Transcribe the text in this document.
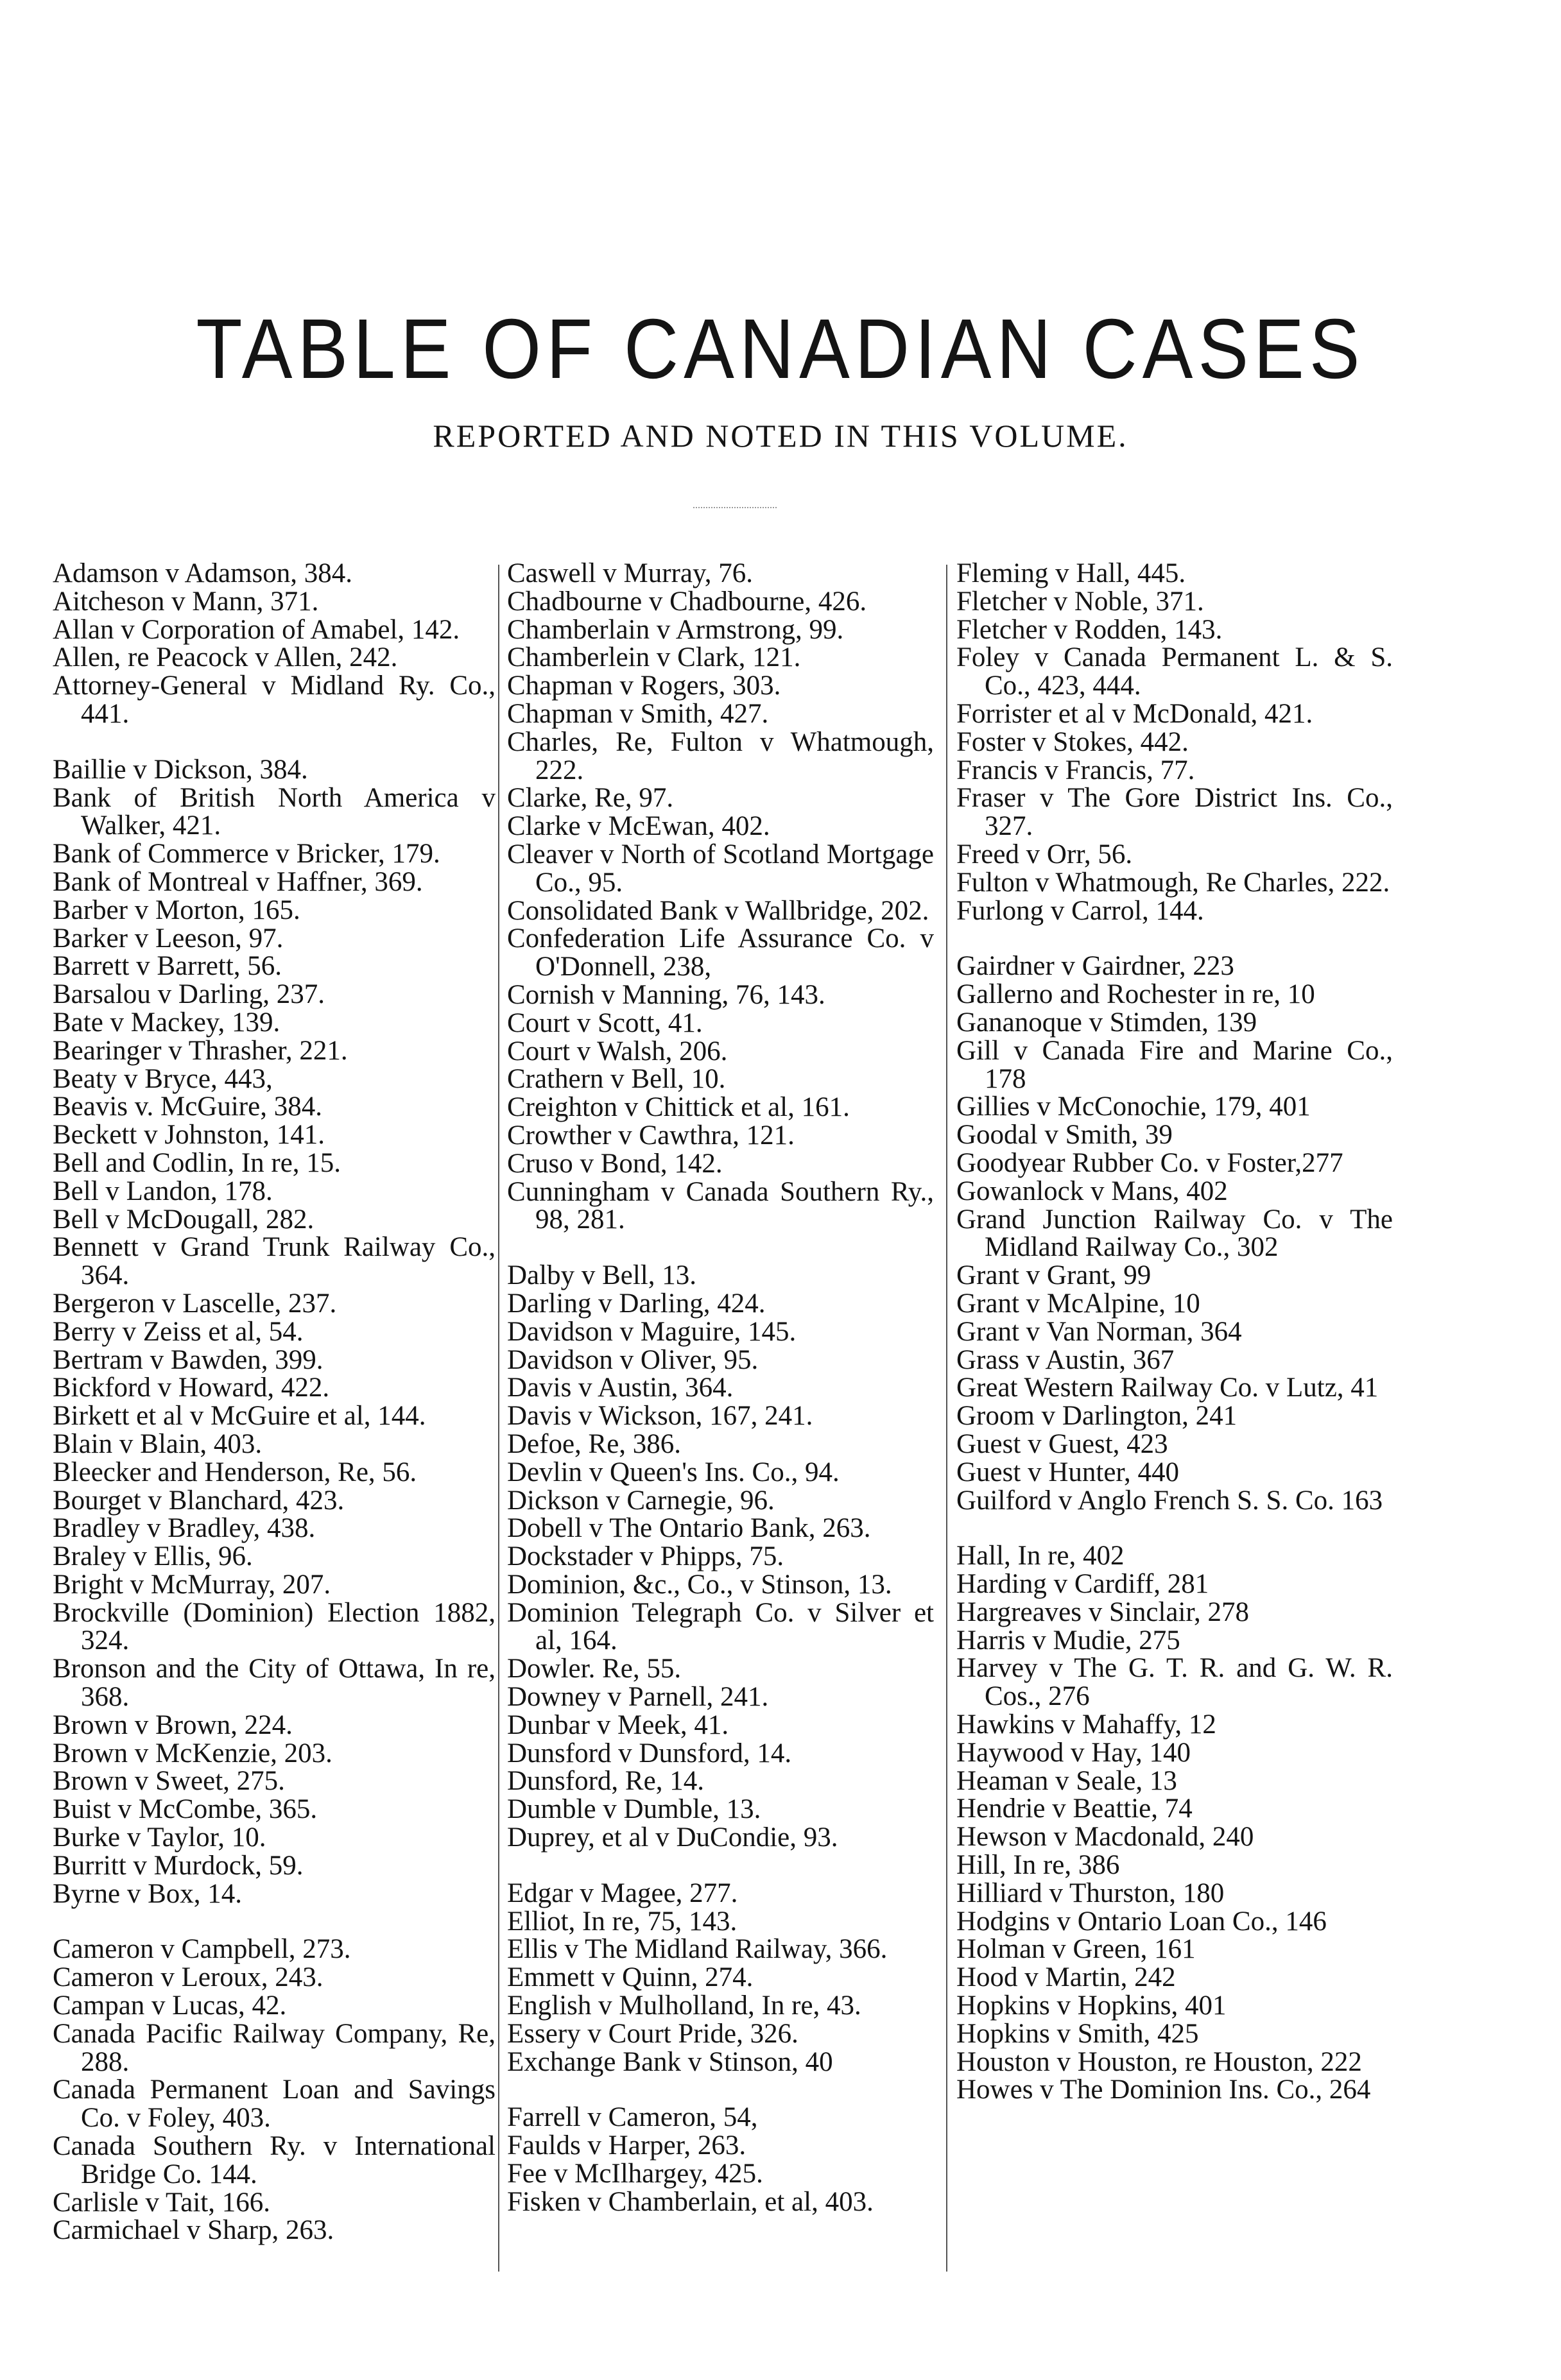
TABLE OF CANADIAN CASES
REPORTED AND NOTED IN THIS VOLUME.
Adamson v Adamson, 384.
Aitcheson v Mann, 371.
Allan v Corporation of Amabel, 142.
Allen, re Peacock v Allen, 242.
Attorney-General v Midland Ry. Co., 441.
Baillie v Dickson, 384.
Bank of British North America v Walker, 421.
Bank of Commerce v Bricker, 179.
Bank of Montreal v Haffner, 369.
Barber v Morton, 165.
Barker v Leeson, 97.
Barrett v Barrett, 56.
Barsalou v Darling, 237.
Bate v Mackey, 139.
Bearinger v Thrasher, 221.
Beaty v Bryce, 443,
Beavis v. McGuire, 384.
Beckett v Johnston, 141.
Bell and Codlin, In re, 15.
Bell v Landon, 178.
Bell v McDougall, 282.
Bennett v Grand Trunk Railway Co., 364.
Bergeron v Lascelle, 237.
Berry v Zeiss et al, 54.
Bertram v Bawden, 399.
Bickford v Howard, 422.
Birkett et al v McGuire et al, 144.
Blain v Blain, 403.
Bleecker and Henderson, Re, 56.
Bourget v Blanchard, 423.
Bradley v Bradley, 438.
Braley v Ellis, 96.
Bright v McMurray, 207.
Brockville (Dominion) Election 1882, 324.
Bronson and the City of Ottawa, In re, 368.
Brown v Brown, 224.
Brown v McKenzie, 203.
Brown v Sweet, 275.
Buist v McCombe, 365.
Burke v Taylor, 10.
Burritt v Murdock, 59.
Byrne v Box, 14.
Cameron v Campbell, 273.
Cameron v Leroux, 243.
Campan v Lucas, 42.
Canada Pacific Railway Company, Re, 288.
Canada Permanent Loan and Savings Co. v Foley, 403.
Canada Southern Ry. v International Bridge Co. 144.
Carlisle v Tait, 166.
Carmichael v Sharp, 263.
Caswell v Murray, 76.
Chadbourne v Chadbourne, 426.
Chamberlain v Armstrong, 99.
Chamberlein v Clark, 121.
Chapman v Rogers, 303.
Chapman v Smith, 427.
Charles, Re, Fulton v Whatmough, 222.
Clarke, Re, 97.
Clarke v McEwan, 402.
Cleaver v North of Scotland Mortgage Co., 95.
Consolidated Bank v Wallbridge, 202.
Confederation Life Assurance Co. v O'Donnell, 238,
Cornish v Manning, 76, 143.
Court v Scott, 41.
Court v Walsh, 206.
Crathern v Bell, 10.
Creighton v Chittick et al, 161.
Crowther v Cawthra, 121.
Cruso v Bond, 142.
Cunningham v Canada Southern Ry., 98, 281.
Dalby v Bell, 13.
Darling v Darling, 424.
Davidson v Maguire, 145.
Davidson v Oliver, 95.
Davis v Austin, 364.
Davis v Wickson, 167, 241.
Defoe, Re, 386.
Devlin v Queen's Ins. Co., 94.
Dickson v Carnegie, 96.
Dobell v The Ontario Bank, 263.
Dockstader v Phipps, 75.
Dominion, &c., Co., v Stinson, 13.
Dominion Telegraph Co. v Silver et al, 164.
Dowler. Re, 55.
Downey v Parnell, 241.
Dunbar v Meek, 41.
Dunsford v Dunsford, 14.
Dunsford, Re, 14.
Dumble v Dumble, 13.
Duprey, et al v DuCondie, 93.
Edgar v Magee, 277.
Elliot, In re, 75, 143.
Ellis v The Midland Railway, 366.
Emmett v Quinn, 274.
English v Mulholland, In re, 43.
Essery v Court Pride, 326.
Exchange Bank v Stinson, 40
Farrell v Cameron, 54,
Faulds v Harper, 263.
Fee v McIlhargey, 425.
Fisken v Chamberlain, et al, 403.
Fleming v Hall, 445.
Fletcher v Noble, 371.
Fletcher v Rodden, 143.
Foley v Canada Permanent L. & S. Co., 423, 444.
Forrister et al v McDonald, 421.
Foster v Stokes, 442.
Francis v Francis, 77.
Fraser v The Gore District Ins. Co., 327.
Freed v Orr, 56.
Fulton v Whatmough, Re Charles, 222.
Furlong v Carrol, 144.
Gairdner v Gairdner, 223
Gallerno and Rochester in re, 10
Gananoque v Stimden, 139
Gill v Canada Fire and Marine Co., 178
Gillies v McConochie, 179, 401
Goodal v Smith, 39
Goodyear Rubber Co. v Foster,277
Gowanlock v Mans, 402
Grand Junction Railway Co. v The Midland Railway Co., 302
Grant v Grant, 99
Grant v McAlpine, 10
Grant v Van Norman, 364
Grass v Austin, 367
Great Western Railway Co. v Lutz, 41
Groom v Darlington, 241
Guest v Guest, 423
Guest v Hunter, 440
Guilford v Anglo French S. S. Co. 163
Hall, In re, 402
Harding v Cardiff, 281
Hargreaves v Sinclair, 278
Harris v Mudie, 275
Harvey v The G. T. R. and G. W. R. Cos., 276
Hawkins v Mahaffy, 12
Haywood v Hay, 140
Heaman v Seale, 13
Hendrie v Beattie, 74
Hewson v Macdonald, 240
Hill, In re, 386
Hilliard v Thurston, 180
Hodgins v Ontario Loan Co., 146
Holman v Green, 161
Hood v Martin, 242
Hopkins v Hopkins, 401
Hopkins v Smith, 425
Houston v Houston, re Houston, 222
Howes v The Dominion Ins. Co., 264
